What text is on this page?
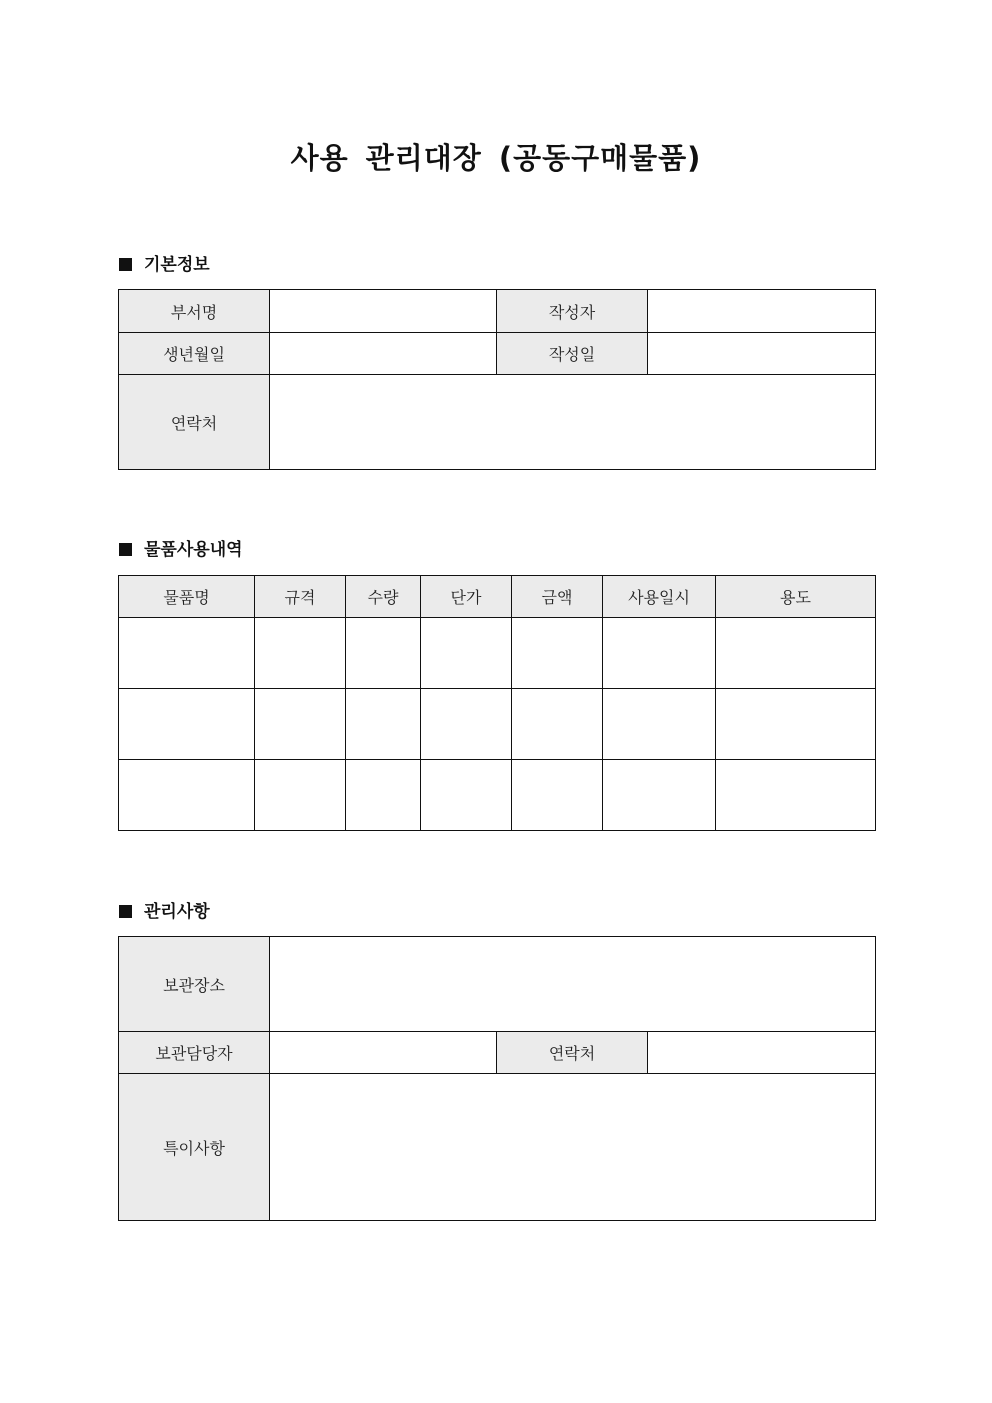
사용 관리대장 (공동구매물품)
기본정보
부서명		작성자	
생년월일		작성일	
연락처			
물품사용내역
물품명	규격	수량	단가	금액	사용일시	용도

관리사항
보관장소			
보관담당자		연락처	
특이사항			
